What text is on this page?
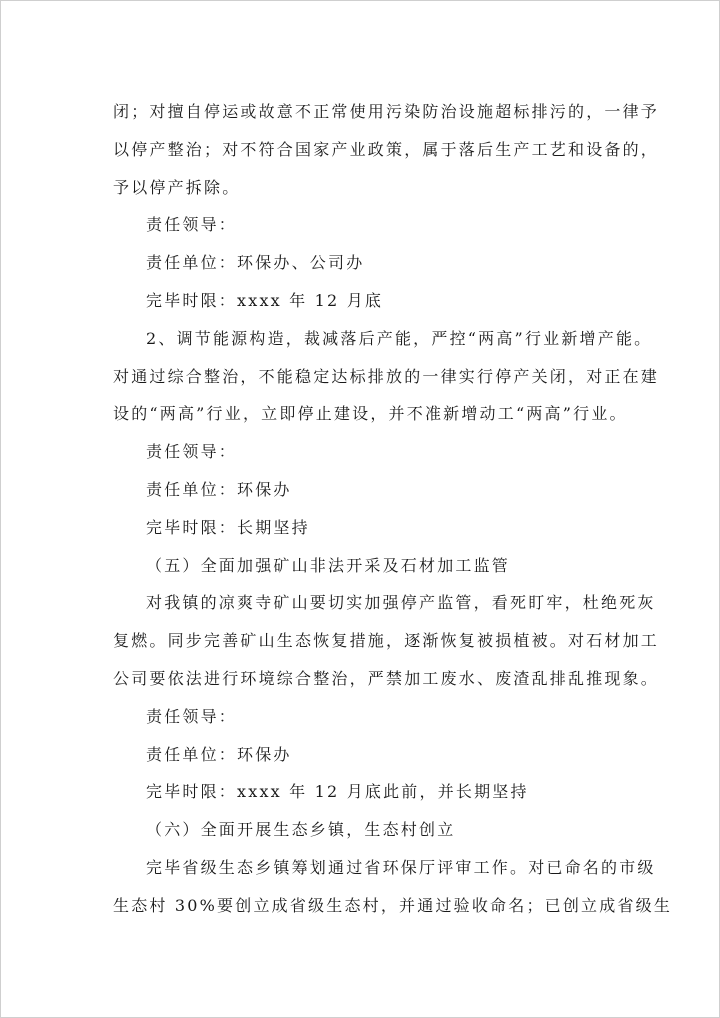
闭；对擅自停运或故意不正常使用污染防治设施超标排污的，一律予
以停产整治；对不符合国家产业政策，属于落后生产工艺和设备的，
予以停产拆除。
责任领导：
责任单位：环保办、公司办
完毕时限：xxxx 年 12 月底
2、调节能源构造，裁减落后产能，严控“两高”行业新增产能。
对通过综合整治，不能稳定达标排放的一律实行停产关闭，对正在建
设的“两高”行业，立即停止建设，并不准新增动工“两高”行业。
责任领导：
责任单位：环保办
完毕时限：长期坚持
（五）全面加强矿山非法开采及石材加工监管
对我镇的凉爽寺矿山要切实加强停产监管，看死盯牢，杜绝死灰
复燃。同步完善矿山生态恢复措施，逐渐恢复被损植被。对石材加工
公司要依法进行环境综合整治，严禁加工废水、废渣乱排乱推现象。
责任领导：
责任单位：环保办
完毕时限：xxxx 年 12 月底此前，并长期坚持
（六）全面开展生态乡镇，生态村创立
完毕省级生态乡镇筹划通过省环保厅评审工作。对已命名的市级
生态村 30%要创立成省级生态村，并通过验收命名；已创立成省级生
